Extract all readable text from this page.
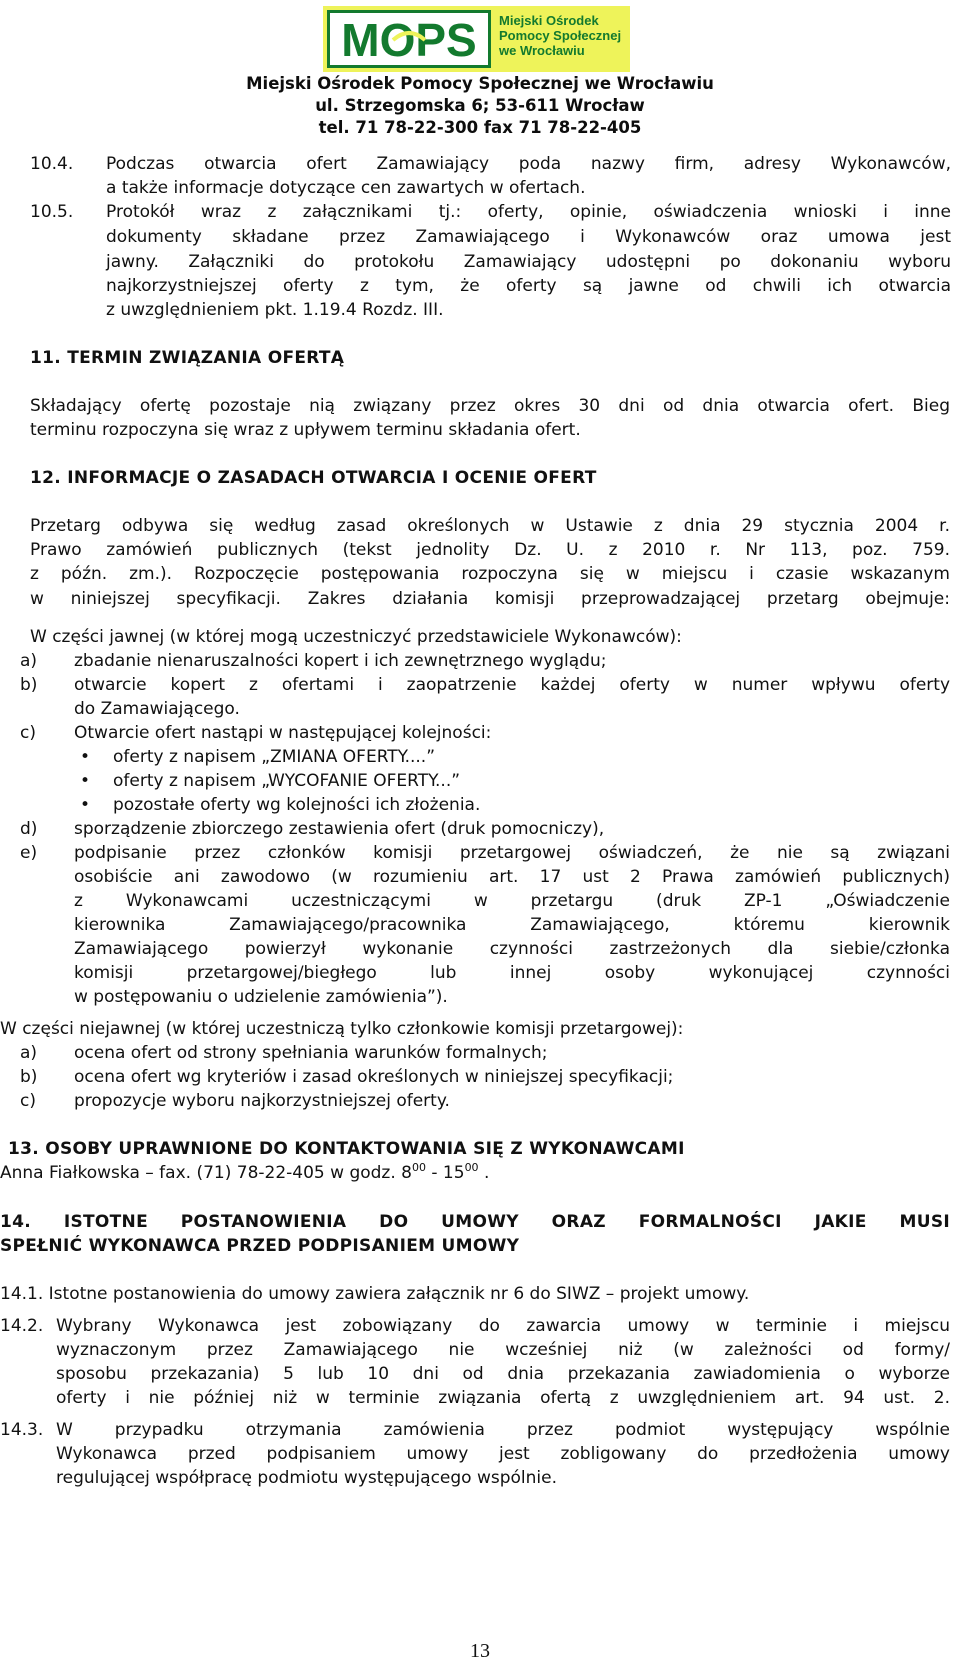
MOPS Miejski Ośrodek
Pomocy Społecznej
we Wrocławiu
Miejski Ośrodek Pomocy Społecznej we Wrocławiu
ul. Strzegomska 6; 53-611 Wrocław
tel. 71 78-22-300 fax 71 78-22-405
10.4. Podczas otwarcia ofert Zamawiający poda nazwy firm, adresy Wykonawców,
a także informacje dotyczące cen zawartych w ofertach.
10.5. Protokół wraz z załącznikami tj.: oferty, opinie, oświadczenia wnioski i inne
dokumenty składane przez Zamawiającego i Wykonawców oraz umowa jest
jawny. Załączniki do protokołu Zamawiający udostępni po dokonaniu wyboru
najkorzystniejszej oferty z tym, że oferty są jawne od chwili ich otwarcia
z uwzględnieniem pkt. 1.19.4 Rozdz. III.
11. TERMIN ZWIĄZANIA OFERTĄ
Składający ofertę pozostaje nią związany przez okres 30 dni od dnia otwarcia ofert. Bieg
terminu rozpoczyna się wraz z upływem terminu składania ofert.
12. INFORMACJE O ZASADACH OTWARCIA I OCENIE OFERT
Przetarg odbywa się według zasad określonych w Ustawie z dnia 29 stycznia 2004 r.
Prawo zamówień publicznych (tekst jednolity Dz. U. z 2010 r. Nr 113, poz. 759.
z późn. zm.). Rozpoczęcie postępowania rozpoczyna się w miejscu i czasie wskazanym
w niniejszej specyfikacji. Zakres działania komisji przeprowadzającej przetarg obejmuje:
W części jawnej (w której mogą uczestniczyć przedstawiciele Wykonawców):
a) zbadanie nienaruszalności kopert i ich zewnętrznego wyglądu;
b) otwarcie kopert z ofertami i zaopatrzenie każdej oferty w numer wpływu oferty
do Zamawiającego.
c) Otwarcie ofert nastąpi w następującej kolejności:
• oferty z napisem „ZMIANA OFERTY....”
• oferty z napisem „WYCOFANIE OFERTY...”
• pozostałe oferty wg kolejności ich złożenia.
d) sporządzenie zbiorczego zestawienia ofert (druk pomocniczy),
e) podpisanie przez członków komisji przetargowej oświadczeń, że nie są związani
osobiście ani zawodowo (w rozumieniu art. 17 ust 2 Prawa zamówień publicznych)
z Wykonawcami uczestniczącymi w przetargu (druk ZP-1 „Oświadczenie
kierownika Zamawiającego/pracownika Zamawiającego, któremu kierownik
Zamawiającego powierzył wykonanie czynności zastrzeżonych dla siebie/członka
komisji przetargowej/biegłego lub innej osoby wykonującej czynności
w postępowaniu o udzielenie zamówienia”).
W części niejawnej (w której uczestniczą tylko członkowie komisji przetargowej):
a) ocena ofert od strony spełniania warunków formalnych;
b) ocena ofert wg kryteriów i zasad określonych w niniejszej specyfikacji;
c) propozycje wyboru najkorzystniejszej oferty.
13. OSOBY UPRAWNIONE DO KONTAKTOWANIA SIĘ Z WYKONAWCAMI
Anna Fiałkowska – fax. (71) 78-22-405 w godz. $8^{00} - 15^{00}$ .
14. ISTOTNE POSTANOWIENIA DO UMOWY ORAZ FORMALNOŚCI JAKIE MUSI
SPEŁNIĆ WYKONAWCA PRZED PODPISANIEM UMOWY
14.1. Istotne postanowienia do umowy zawiera załącznik nr 6 do SIWZ – projekt umowy.
14.2. Wybrany Wykonawca jest zobowiązany do zawarcia umowy w terminie i miejscu
wyznaczonym przez Zamawiającego nie wcześniej niż (w zależności od formy/
sposobu przekazania) 5 lub 10 dni od dnia przekazania zawiadomienia o wyborze
oferty i nie później niż w terminie związania ofertą z uwzględnieniem art. 94 ust. 2.
14.3. W przypadku otrzymania zamówienia przez podmiot występujący wspólnie
Wykonawca przed podpisaniem umowy jest zobligowany do przedłożenia umowy
regulującej współpracę podmiotu występującego wspólnie.
13
